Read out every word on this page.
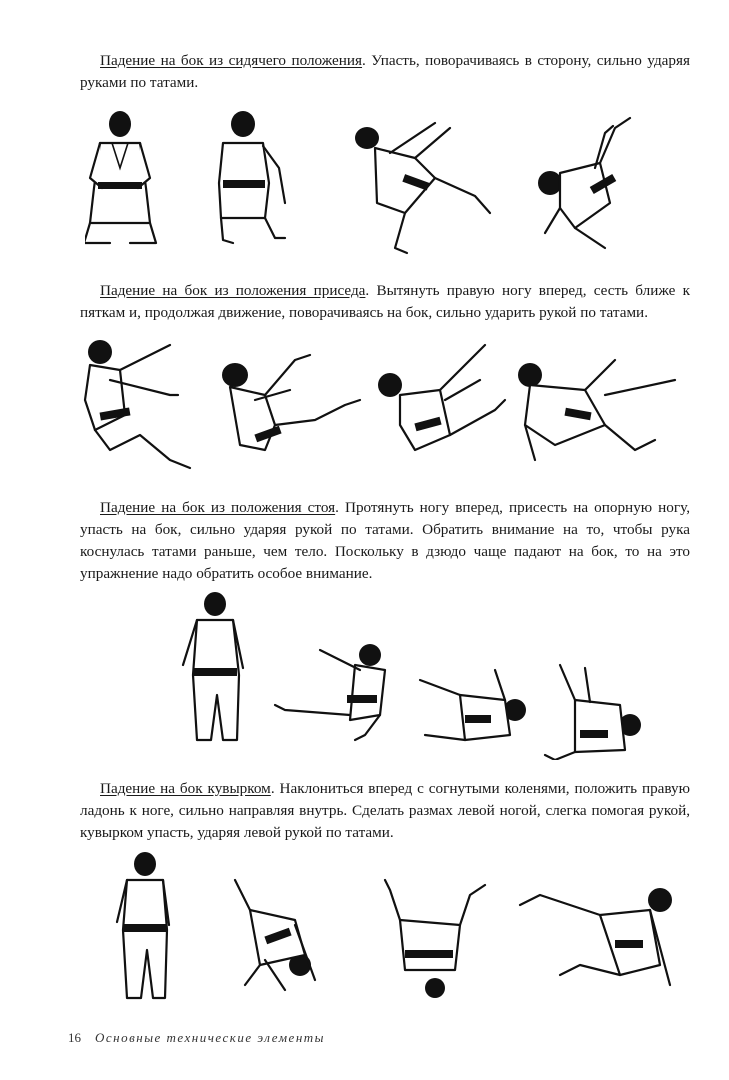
Падение на бок из сидячего положения. Упасть, поворачиваясь в сторону, сильно ударяя руками по татами.

Падение на бок из положения приседа. Вытянуть правую ногу вперед, сесть ближе к пяткам и, продолжая движение, поворачиваясь на бок, сильно ударить рукой по татами.

Падение на бок из положения стоя. Протянуть ногу вперед, присесть на опорную ногу, упасть на бок, сильно ударяя рукой по татами. Обратить внимание на то, чтобы рука коснулась татами раньше, чем тело. Поскольку в дзюдо чаще падают на бок, то на это упражнение надо обратить особое внимание.

Падение на бок кувырком. Наклониться вперед с согнутыми коленями, положить правую ладонь к ноге, сильно направляя внутрь. Сделать размах левой ногой, слегка помогая рукой, кувырком упасть, ударяя левой рукой по татами.

16 Основные технические элементы
